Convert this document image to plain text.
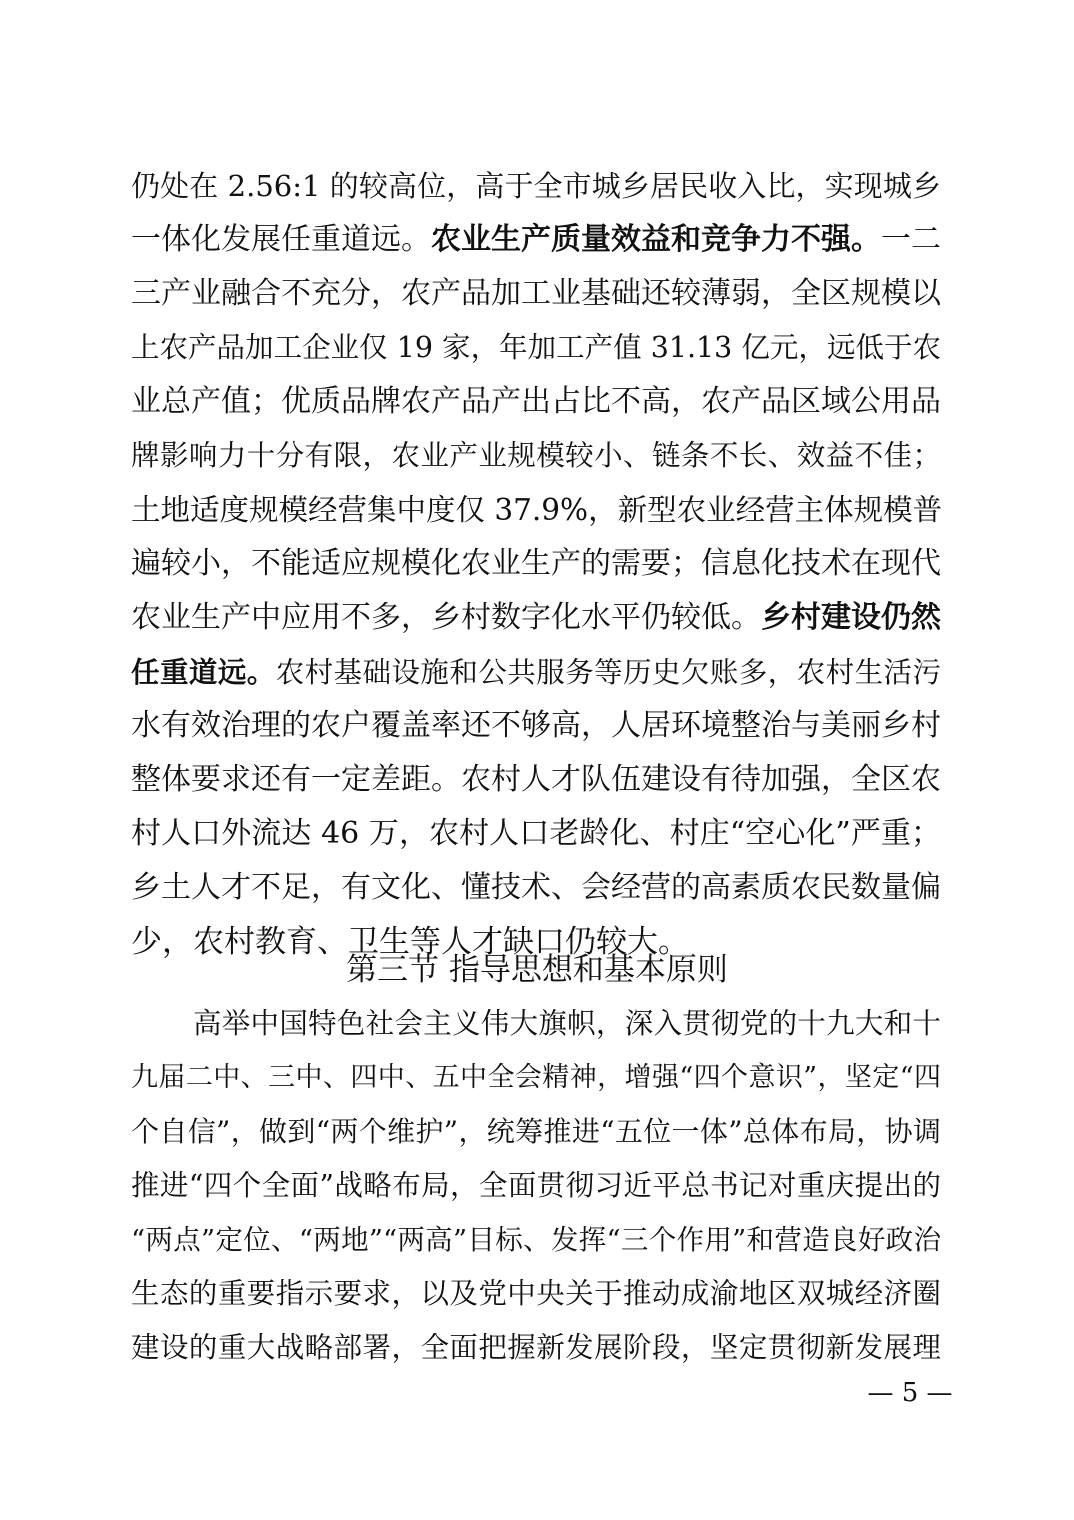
仍处在 2.56:1 的较高位，高于全市城乡居民收入比，实现城乡
一体化发展任重道远。农业生产质量效益和竞争力不强。一二
三产业融合不充分，农产品加工业基础还较薄弱，全区规模以
上农产品加工企业仅 19 家，年加工产值 31.13 亿元，远低于农
业总产值；优质品牌农产品产出占比不高，农产品区域公用品
牌影响力十分有限，农业产业规模较小、链条不长、效益不佳；
土地适度规模经营集中度仅 37.9%，新型农业经营主体规模普
遍较小，不能适应规模化农业生产的需要；信息化技术在现代
农业生产中应用不多，乡村数字化水平仍较低。乡村建设仍然
任重道远。农村基础设施和公共服务等历史欠账多，农村生活污
水有效治理的农户覆盖率还不够高，人居环境整治与美丽乡村
整体要求还有一定差距。农村人才队伍建设有待加强，全区农
村人口外流达 46 万，农村人口老龄化、村庄“空心化”严重；
乡土人才不足，有文化、懂技术、会经营的高素质农民数量偏
少，农村教育、卫生等人才缺口仍较大。
第三节 指导思想和基本原则
高举中国特色社会主义伟大旗帜，深入贯彻党的十九大和十
九届二中、三中、四中、五中全会精神，增强“四个意识”，坚定“四
个自信”，做到“两个维护”，统筹推进“五位一体”总体布局，协调
推进“四个全面”战略布局，全面贯彻习近平总书记对重庆提出的
“两点”定位、“两地”“两高”目标、发挥“三个作用”和营造良好政治
生态的重要指示要求，以及党中央关于推动成渝地区双城经济圈
建设的重大战略部署，全面把握新发展阶段，坚定贯彻新发展理
— 5 —
